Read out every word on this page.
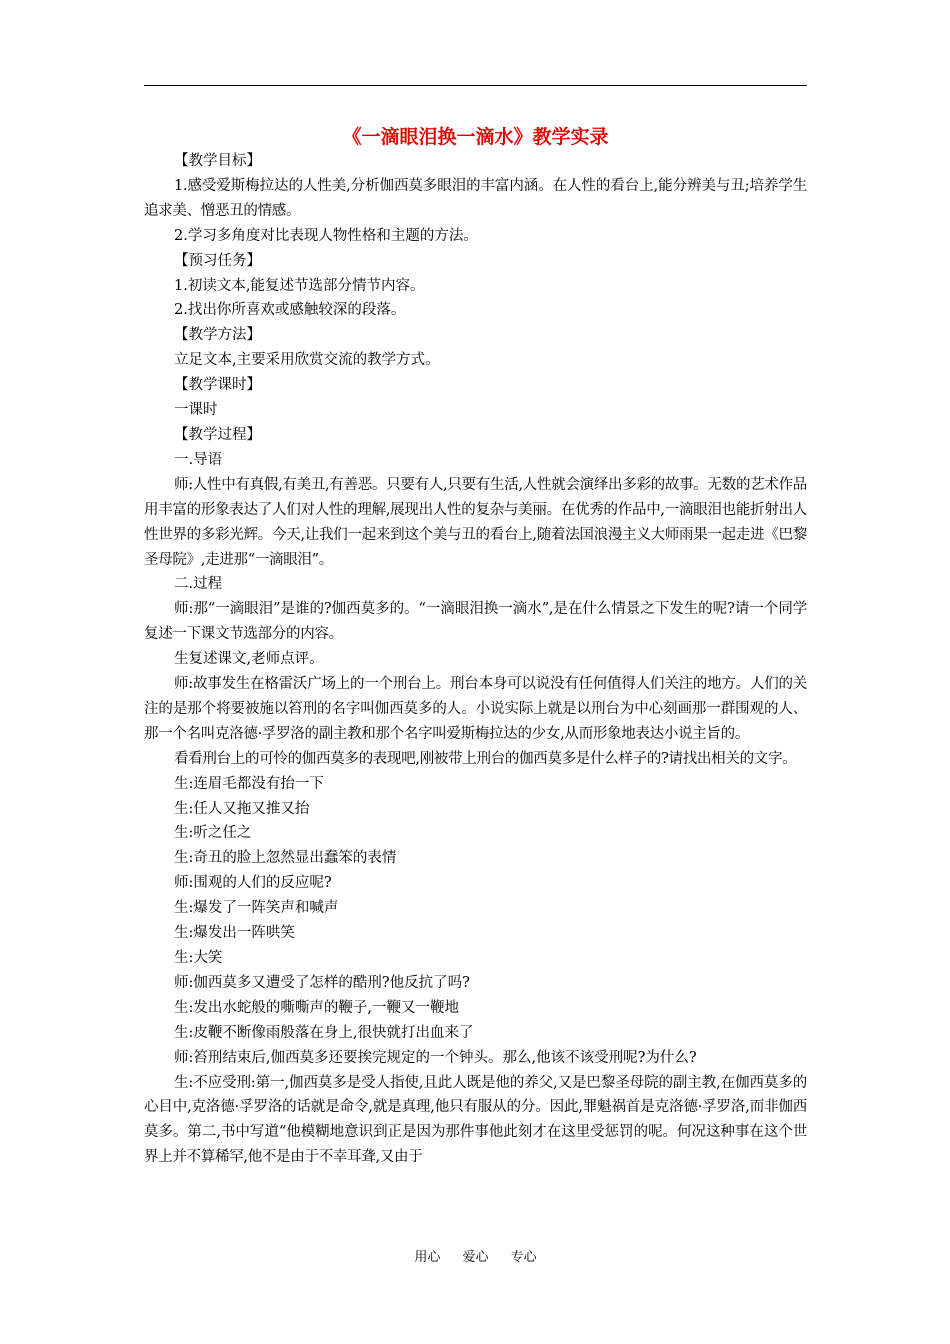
《一滴眼泪换一滴水》教学实录

【教学目标】

1.感受爱斯梅拉达的人性美,分析伽西莫多眼泪的丰富内涵。在人性的看台上,能分辨美与丑;培养学生追求美、憎恶丑的情感。

2.学习多角度对比表现人物性格和主题的方法。

【预习任务】

1.初读文本,能复述节选部分情节内容。

2.找出你所喜欢或感触较深的段落。

【教学方法】

立足文本,主要采用欣赏交流的教学方式。

【教学课时】

一课时

【教学过程】

一.导语

师:人性中有真假,有美丑,有善恶。只要有人,只要有生活,人性就会演绎出多彩的故事。无数的艺术作品用丰富的形象表达了人们对人性的理解,展现出人性的复杂与美丽。在优秀的作品中,一滴眼泪也能折射出人性世界的多彩光辉。今天,让我们一起来到这个美与丑的看台上,随着法国浪漫主义大师雨果一起走进《巴黎圣母院》,走进那“一滴眼泪”。

二.过程

师:那“一滴眼泪”是谁的?伽西莫多的。“一滴眼泪换一滴水”,是在什么情景之下发生的呢?请一个同学复述一下课文节选部分的内容。

生复述课文,老师点评。

师:故事发生在格雷沃广场上的一个刑台上。刑台本身可以说没有任何值得人们关注的地方。人们的关注的是那个将要被施以笞刑的名字叫伽西莫多的人。小说实际上就是以刑台为中心刻画那一群围观的人、那一个名叫克洛德·孚罗洛的副主教和那个名字叫爱斯梅拉达的少女,从而形象地表达小说主旨的。

看看刑台上的可怜的伽西莫多的表现吧,刚被带上刑台的伽西莫多是什么样子的?请找出相关的文字。

生:连眉毛都没有抬一下

生:任人又拖又推又抬

生:听之任之

生:奇丑的脸上忽然显出蠢笨的表情

师:围观的人们的反应呢?

生:爆发了一阵笑声和喊声

生:爆发出一阵哄笑

生:大笑

师:伽西莫多又遭受了怎样的酷刑?他反抗了吗?

生:发出水蛇般的嘶嘶声的鞭子,一鞭又一鞭地

生:皮鞭不断像雨般落在身上,很快就打出血来了

师:笞刑结束后,伽西莫多还要挨完规定的一个钟头。那么,他该不该受刑呢?为什么?

生:不应受刑:第一,伽西莫多是受人指使,且此人既是他的养父,又是巴黎圣母院的副主教,在伽西莫多的心目中,克洛德·孚罗洛的话就是命令,就是真理,他只有服从的分。因此,罪魁祸首是克洛德·孚罗洛,而非伽西莫多。第二,书中写道“他模糊地意识到正是因为那件事他此刻才在这里受惩罚的呢。何况这种事在这个世界上并不算稀罕,他不是由于不幸耳聋,又由于

用心 爱心 专心
